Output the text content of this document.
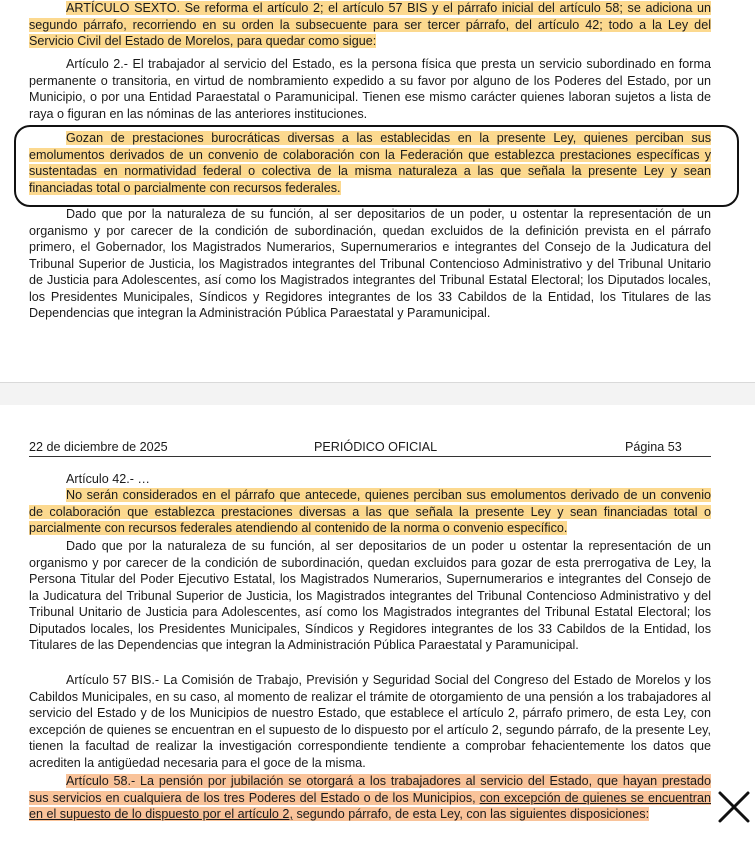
ARTÍCULO SEXTO. Se reforma el artículo 2; el artículo 57 BIS y el párrafo inicial del artículo 58; se adiciona un segundo párrafo, recorriendo en su orden la subsecuente para ser tercer párrafo, del artículo 42; todo a la Ley del Servicio Civil del Estado de Morelos, para quedar como sigue:

Artículo 2.- El trabajador al servicio del Estado, es la persona física que presta un servicio subordinado en forma permanente o transitoria, en virtud de nombramiento expedido a su favor por alguno de los Poderes del Estado, por un Municipio, o por una Entidad Paraestatal o Paramunicipal. Tienen ese mismo carácter quienes laboran sujetos a lista de raya o figuran en las nóminas de las anteriores instituciones.

Gozan de prestaciones burocráticas diversas a las establecidas en la presente Ley, quienes perciban sus emolumentos derivados de un convenio de colaboración con la Federación que establezca prestaciones específicas y sustentadas en normatividad federal o colectiva de la misma naturaleza a las que señala la presente Ley y sean financiadas total o parcialmente con recursos federales.

Dado que por la naturaleza de su función, al ser depositarios de un poder, u ostentar la representación de un organismo y por carecer de la condición de subordinación, quedan excluidos de la definición prevista en el párrafo primero, el Gobernador, los Magistrados Numerarios, Supernumerarios e integrantes del Consejo de la Judicatura del Tribunal Superior de Justicia, los Magistrados integrantes del Tribunal Contencioso Administrativo y del Tribunal Unitario de Justicia para Adolescentes, así como los Magistrados integrantes del Tribunal Estatal Electoral; los Diputados locales, los Presidentes Municipales, Síndicos y Regidores integrantes de los 33 Cabildos de la Entidad, los Titulares de las Dependencias que integran la Administración Pública Paraestatal y Paramunicipal.

22 de diciembre de 2025	PERIÓDICO OFICIAL	Página 53

Artículo 42.- …

No serán considerados en el párrafo que antecede, quienes perciban sus emolumentos derivado de un convenio de colaboración que establezca prestaciones diversas a las que señala la presente Ley y sean financiadas total o parcialmente con recursos federales atendiendo al contenido de la norma o convenio específico.

Dado que por la naturaleza de su función, al ser depositarios de un poder u ostentar la representación de un organismo y por carecer de la condición de subordinación, quedan excluidos para gozar de esta prerrogativa de Ley, la Persona Titular del Poder Ejecutivo Estatal, los Magistrados Numerarios, Supernumerarios e integrantes del Consejo de la Judicatura del Tribunal Superior de Justicia, los Magistrados integrantes del Tribunal Contencioso Administrativo y del Tribunal Unitario de Justicia para Adolescentes, así como los Magistrados integrantes del Tribunal Estatal Electoral; los Diputados locales, los Presidentes Municipales, Síndicos y Regidores integrantes de los 33 Cabildos de la Entidad, los Titulares de las Dependencias que integran la Administración Pública Paraestatal y Paramunicipal.

Artículo 57 BIS.- La Comisión de Trabajo, Previsión y Seguridad Social del Congreso del Estado de Morelos y los Cabildos Municipales, en su caso, al momento de realizar el trámite de otorgamiento de una pensión a los trabajadores al servicio del Estado y de los Municipios de nuestro Estado, que establece el artículo 2, párrafo primero, de esta Ley, con excepción de quienes se encuentran en el supuesto de lo dispuesto por el artículo 2, segundo párrafo, de la presente Ley, tienen la facultad de realizar la investigación correspondiente tendiente a comprobar fehacientemente los datos que acrediten la antigüedad necesaria para el goce de la misma.

Artículo 58.- La pensión por jubilación se otorgará a los trabajadores al servicio del Estado, que hayan prestado sus servicios en cualquiera de los tres Poderes del Estado o de los Municipios, con excepción de quienes se encuentran en el supuesto de lo dispuesto por el artículo 2, segundo párrafo, de esta Ley, con las siguientes disposiciones:
